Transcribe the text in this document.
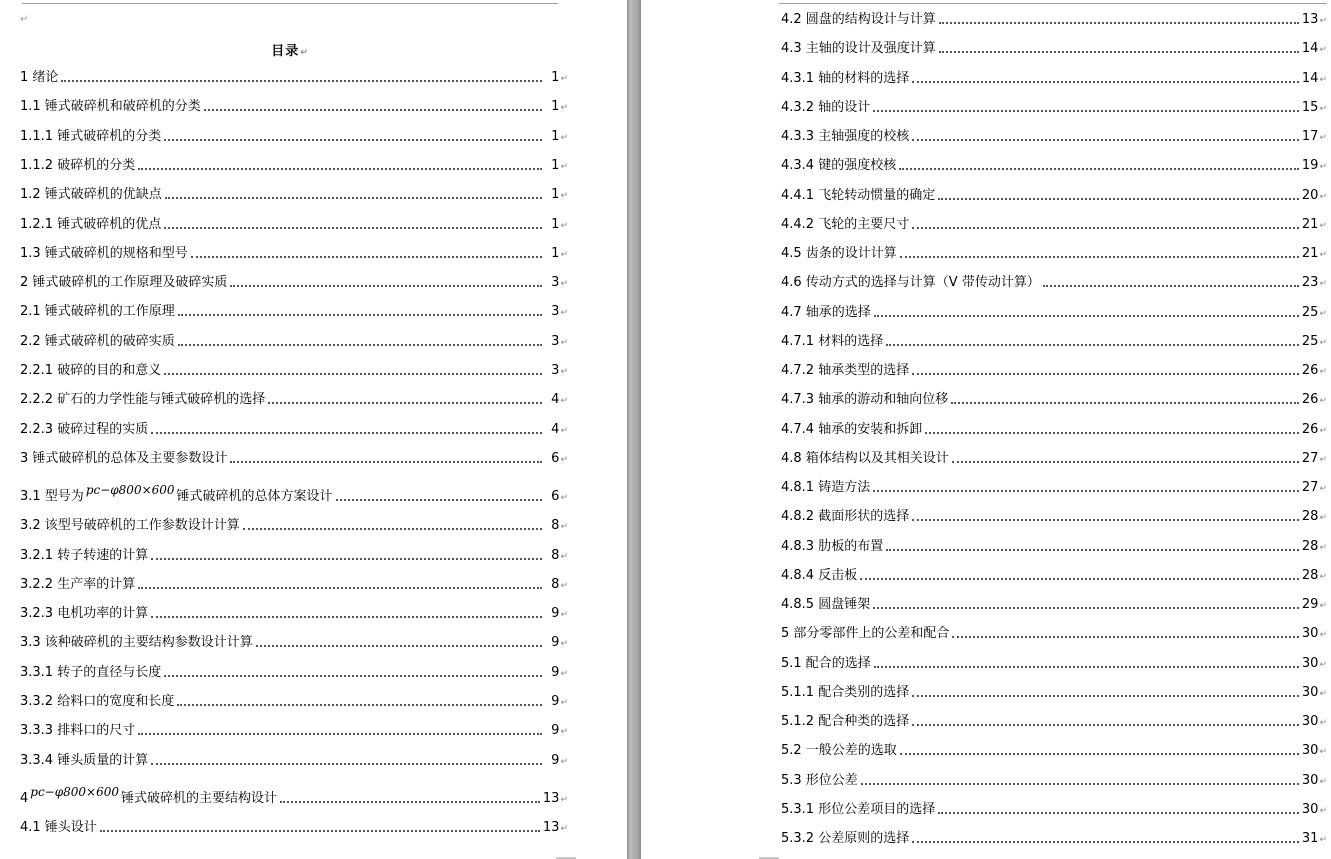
↵
目录↵
1 绪论	1 ↵
1.1 锤式破碎机和破碎机的分类	1 ↵
1.1.1 锤式破碎机的分类	1 ↵
1.1.2 破碎机的分类	1 ↵
1.2 锤式破碎机的优缺点	1 ↵
1.2.1 锤式破碎机的优点	1 ↵
1.3 锤式破碎机的规格和型号	1 ↵
2 锤式破碎机的工作原理及破碎实质	3 ↵
2.1 锤式破碎机的工作原理	3 ↵
2.2 锤式破碎机的破碎实质	3 ↵
2.2.1 破碎的目的和意义	3 ↵
2.2.2 矿石的力学性能与锤式破碎机的选择	4 ↵
2.2.3 破碎过程的实质	4 ↵
3 锤式破碎机的总体及主要参数设计	6 ↵
3.1 型号为 pc−φ800×600 锤式破碎机的总体方案设计	6 ↵
3.2 该型号破碎机的工作参数设计计算	8 ↵
3.2.1 转子转速的计算	8 ↵
3.2.2 生产率的计算	8 ↵
3.2.3 电机功率的计算	9 ↵
3.3 该种破碎机的主要结构参数设计计算	9 ↵
3.3.1 转子的直径与长度	9 ↵
3.3.2 给料口的宽度和长度	9 ↵
3.3.3 排料口的尺寸	9 ↵
3.3.4 锤头质量的计算	9 ↵
4 pc−φ800×600 锤式破碎机的主要结构设计	13 ↵
4.1 锤头设计	13 ↵
4.2 圆盘的结构设计与计算	13 ↵
4.3 主轴的设计及强度计算	14 ↵
4.3.1 轴的材料的选择	14 ↵
4.3.2 轴的设计	15 ↵
4.3.3 主轴强度的校核	17 ↵
4.3.4 键的强度校核	19 ↵
4.4.1 飞轮转动惯量的确定	20 ↵
4.4.2 飞轮的主要尺寸	21 ↵
4.5 齿条的设计计算	21 ↵
4.6 传动方式的选择与计算（V 带传动计算）	23 ↵
4.7 轴承的选择	25 ↵
4.7.1 材料的选择	25 ↵
4.7.2 轴承类型的选择	26 ↵
4.7.3 轴承的游动和轴向位移	26 ↵
4.7.4 轴承的安装和拆卸	26 ↵
4.8 箱体结构以及其相关设计	27 ↵
4.8.1 铸造方法	27 ↵
4.8.2 截面形状的选择	28 ↵
4.8.3 肋板的布置	28 ↵
4.8.4 反击板	28 ↵
4.8.5 圆盘锤架	29 ↵
5 部分零部件上的公差和配合	30 ↵
5.1 配合的选择	30 ↵
5.1.1 配合类别的选择	30 ↵
5.1.2 配合种类的选择	30 ↵
5.2 一般公差的选取	30 ↵
5.3 形位公差	30 ↵
5.3.1 形位公差项目的选择	30 ↵
5.3.2 公差原则的选择	31 ↵
